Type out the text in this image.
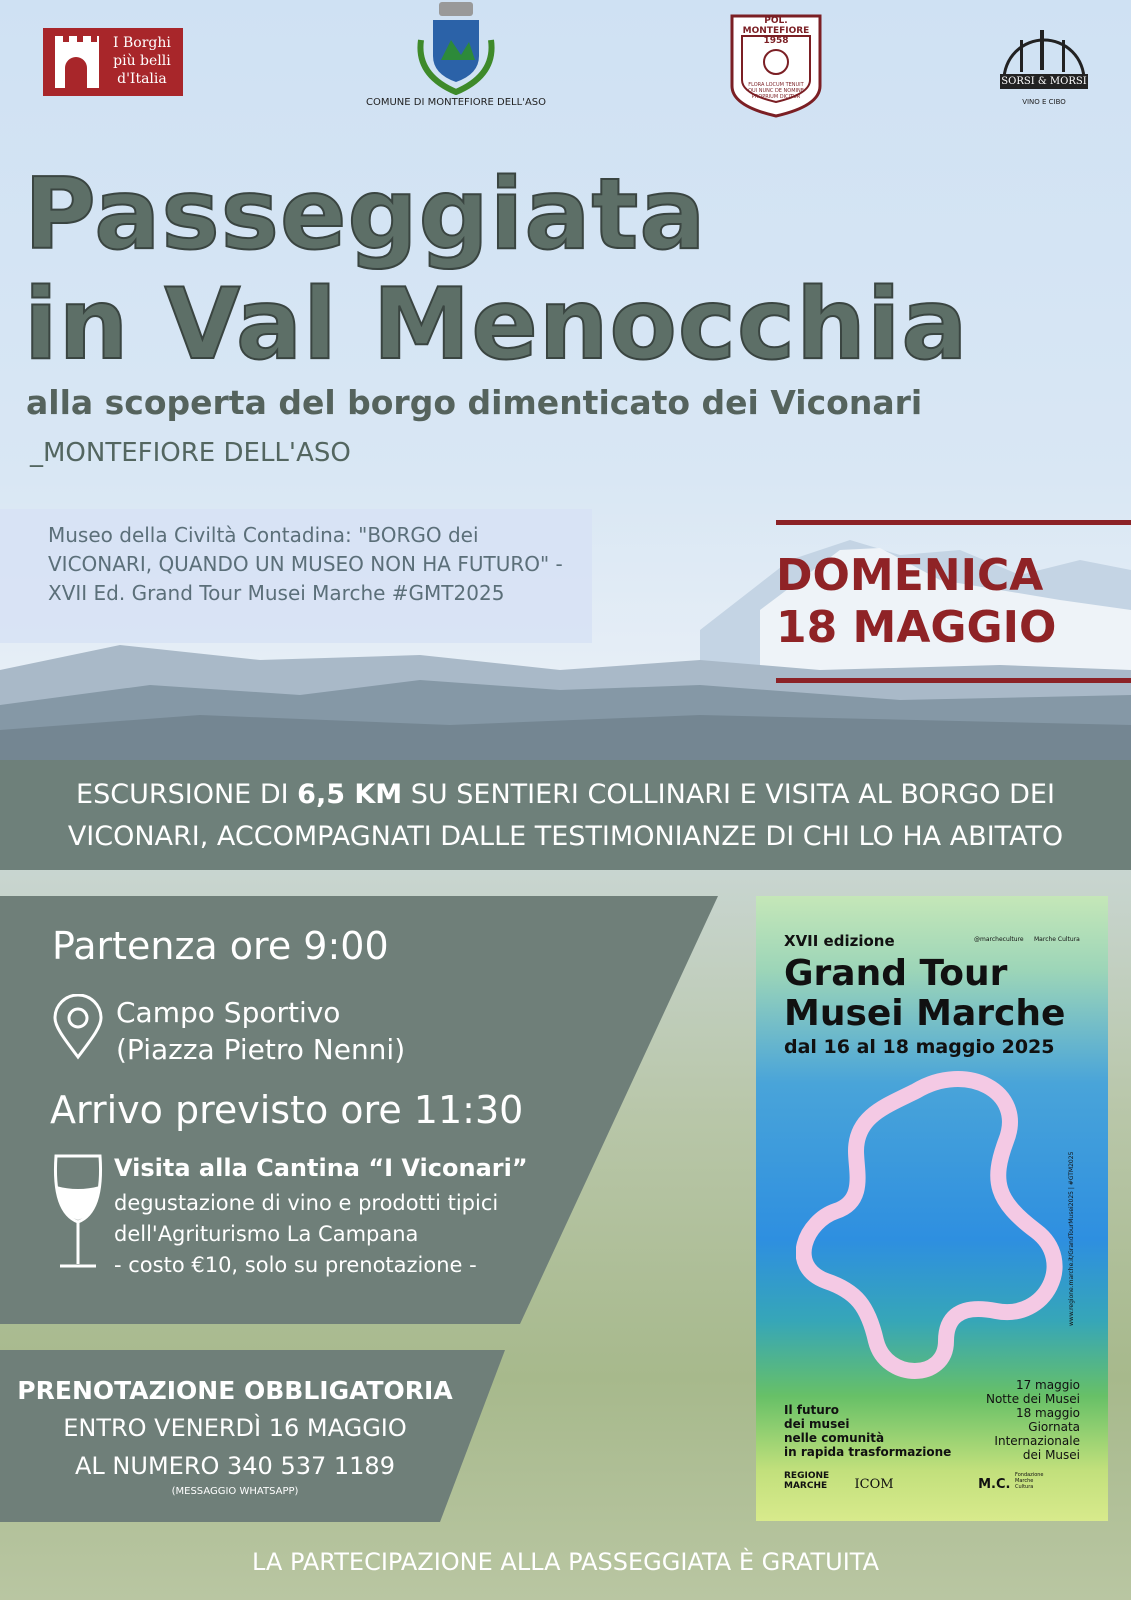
I Borghi
più belli
d'Italia
COMUNE DI MONTEFIORE DELL'ASO
POL. MONTEFIORE 1958
FLORA LOCUM TENUIT
QUI NUNC DE NOMINE
PROPRIUM DICITUR
SORSI & MORSI
VINO E CIBO
Passeggiata
in Val Menocchia
alla scoperta del borgo dimenticato dei Viconari
_MONTEFIORE DELL'ASO
Museo della Civiltà Contadina: "BORGO dei VICONARI, QUANDO UN MUSEO NON HA FUTURO" - XVII Ed. Grand Tour Musei Marche #GMT2025	DOMENICA
18 MAGGIO
ESCURSIONE DI 6,5 KM SU SENTIERI COLLINARI E VISITA AL BORGO DEI
VICONARI, ACCOMPAGNATI DALLE TESTIMONIANZE DI CHI LO HA ABITATO
Partenza ore 9:00
Campo Sportivo
(Piazza Pietro Nenni)
Arrivo previsto ore 11:30
Visita alla Cantina “I Viconari”
degustazione di vino e prodotti tipici
dell'Agriturismo La Campana
- costo €10, solo su prenotazione -
XVII edizione	@marcheculture Marche Cultura
Grand Tour
Musei Marche
dal 16 al 18 maggio 2025
www.regione.marche.it/GrandTourMusei2025 | #GTM2025
Il futuro
dei musei
nelle comunità
in rapida trasformazione
17 maggio
Notte dei Musei
18 maggio
Giornata
Internazionale
dei Musei
REGIONE MARCHE ICOM	M.C. Fondazione Marche Cultura
PRENOTAZIONE OBBLIGATORIA
ENTRO VENERDÌ 16 MAGGIO
AL NUMERO 340 537 1189
(MESSAGGIO WHATSAPP)
LA PARTECIPAZIONE ALLA PASSEGGIATA È GRATUITA
